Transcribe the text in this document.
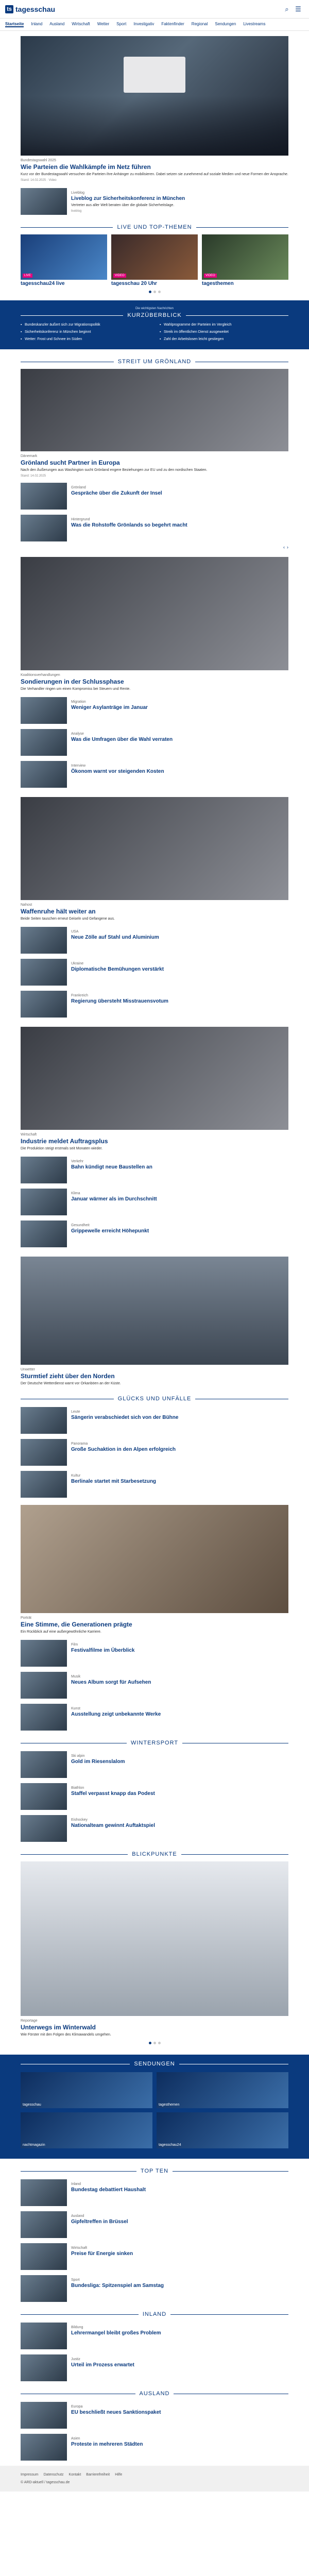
ts tagesschau	⌕ ☰
Startseite Inland Ausland Wirtschaft Wetter Sport Investigativ Faktenfinder Regional Sendungen Livestreams
Bundestagswahl 2025
Wie Parteien die Wahlkämpfe im Netz führen
Kurz vor der Bundestagswahl versuchen die Parteien ihre Anhänger zu mobilisieren. Dabei setzen sie zunehmend auf soziale Medien und neue Formen der Ansprache.
Stand: 14.02.2025 · Video
Liveblog
Liveblog zur Sicherheitskonferenz in München
Vertreter aus aller Welt beraten über die globale Sicherheitslage.
liveblog
LIVE UND TOP-THEMEN
LIVE
tagesschau24 live
VIDEO
tagesschau 20 Uhr
VIDEO
tagesthemen
Die wichtigsten Nachrichten
KURZÜBERBLICK
▪ Bundeskanzler äußert sich zur Migrationspolitik	▪ Wahlprogramme der Parteien im Vergleich
▪ Sicherheitskonferenz in München beginnt	▪ Streik im öffentlichen Dienst ausgeweitet
▪ Wetter: Frost und Schnee im Süden	▪ Zahl der Arbeitslosen leicht gestiegen
STREIT UM GRÖNLAND
Dänemark
Grönland sucht Partner in Europa
Nach den Äußerungen aus Washington sucht Grönland engere Beziehungen zur EU und zu den nordischen Staaten.
Stand: 14.02.2025
Grönland
Gespräche über die Zukunft der Insel
Hintergrund
Was die Rohstoffe Grönlands so begehrt macht
‹ ›
Koalitionsverhandlungen
Sondierungen in der Schlussphase
Die Verhandler ringen um einen Kompromiss bei Steuern und Rente.
Migration
Weniger Asylanträge im Januar
Analyse
Was die Umfragen über die Wahl verraten
Interview
Ökonom warnt vor steigenden Kosten
Nahost
Waffenruhe hält weiter an
Beide Seiten tauschen erneut Geiseln und Gefangene aus.
USA
Neue Zölle auf Stahl und Aluminium
Ukraine
Diplomatische Bemühungen verstärkt
Frankreich
Regierung übersteht Misstrauensvotum
Wirtschaft
Industrie meldet Auftragsplus
Die Produktion steigt erstmals seit Monaten wieder.
Verkehr
Bahn kündigt neue Baustellen an
Klima
Januar wärmer als im Durchschnitt
Gesundheit
Grippewelle erreicht Höhepunkt
Unwetter
Sturmtief zieht über den Norden
Der Deutsche Wetterdienst warnt vor Orkanböen an der Küste.
GLÜCKS UND UNFÄLLE
Leute
Sängerin verabschiedet sich von der Bühne
Panorama
Große Suchaktion in den Alpen erfolgreich
Kultur
Berlinale startet mit Starbesetzung
Porträt
Eine Stimme, die Generationen prägte
Ein Rückblick auf eine außergewöhnliche Karriere.
Film
Festivalfilme im Überblick
Musik
Neues Album sorgt für Aufsehen
Kunst
Ausstellung zeigt unbekannte Werke
WINTERSPORT
Ski alpin
Gold im Riesenslalom
Biathlon
Staffel verpasst knapp das Podest
Eishockey
Nationalteam gewinnt Auftaktspiel
BLICKPUNKTE
Reportage
Unterwegs im Winterwald
Wie Förster mit den Folgen des Klimawandels umgehen.
SENDUNGEN
tagesschau	tagesthemen
nachtmagazin	tagesschau24
TOP TEN
Inland
Bundestag debattiert Haushalt
Ausland
Gipfeltreffen in Brüssel
Wirtschaft
Preise für Energie sinken
Sport
Bundesliga: Spitzenspiel am Samstag
INLAND
Bildung
Lehrermangel bleibt großes Problem
Justiz
Urteil im Prozess erwartet
AUSLAND
Europa
EU beschließt neues Sanktionspaket
Asien
Proteste in mehreren Städten
Impressum Datenschutz Kontakt Barrierefreiheit Hilfe
© ARD-aktuell / tagesschau.de
